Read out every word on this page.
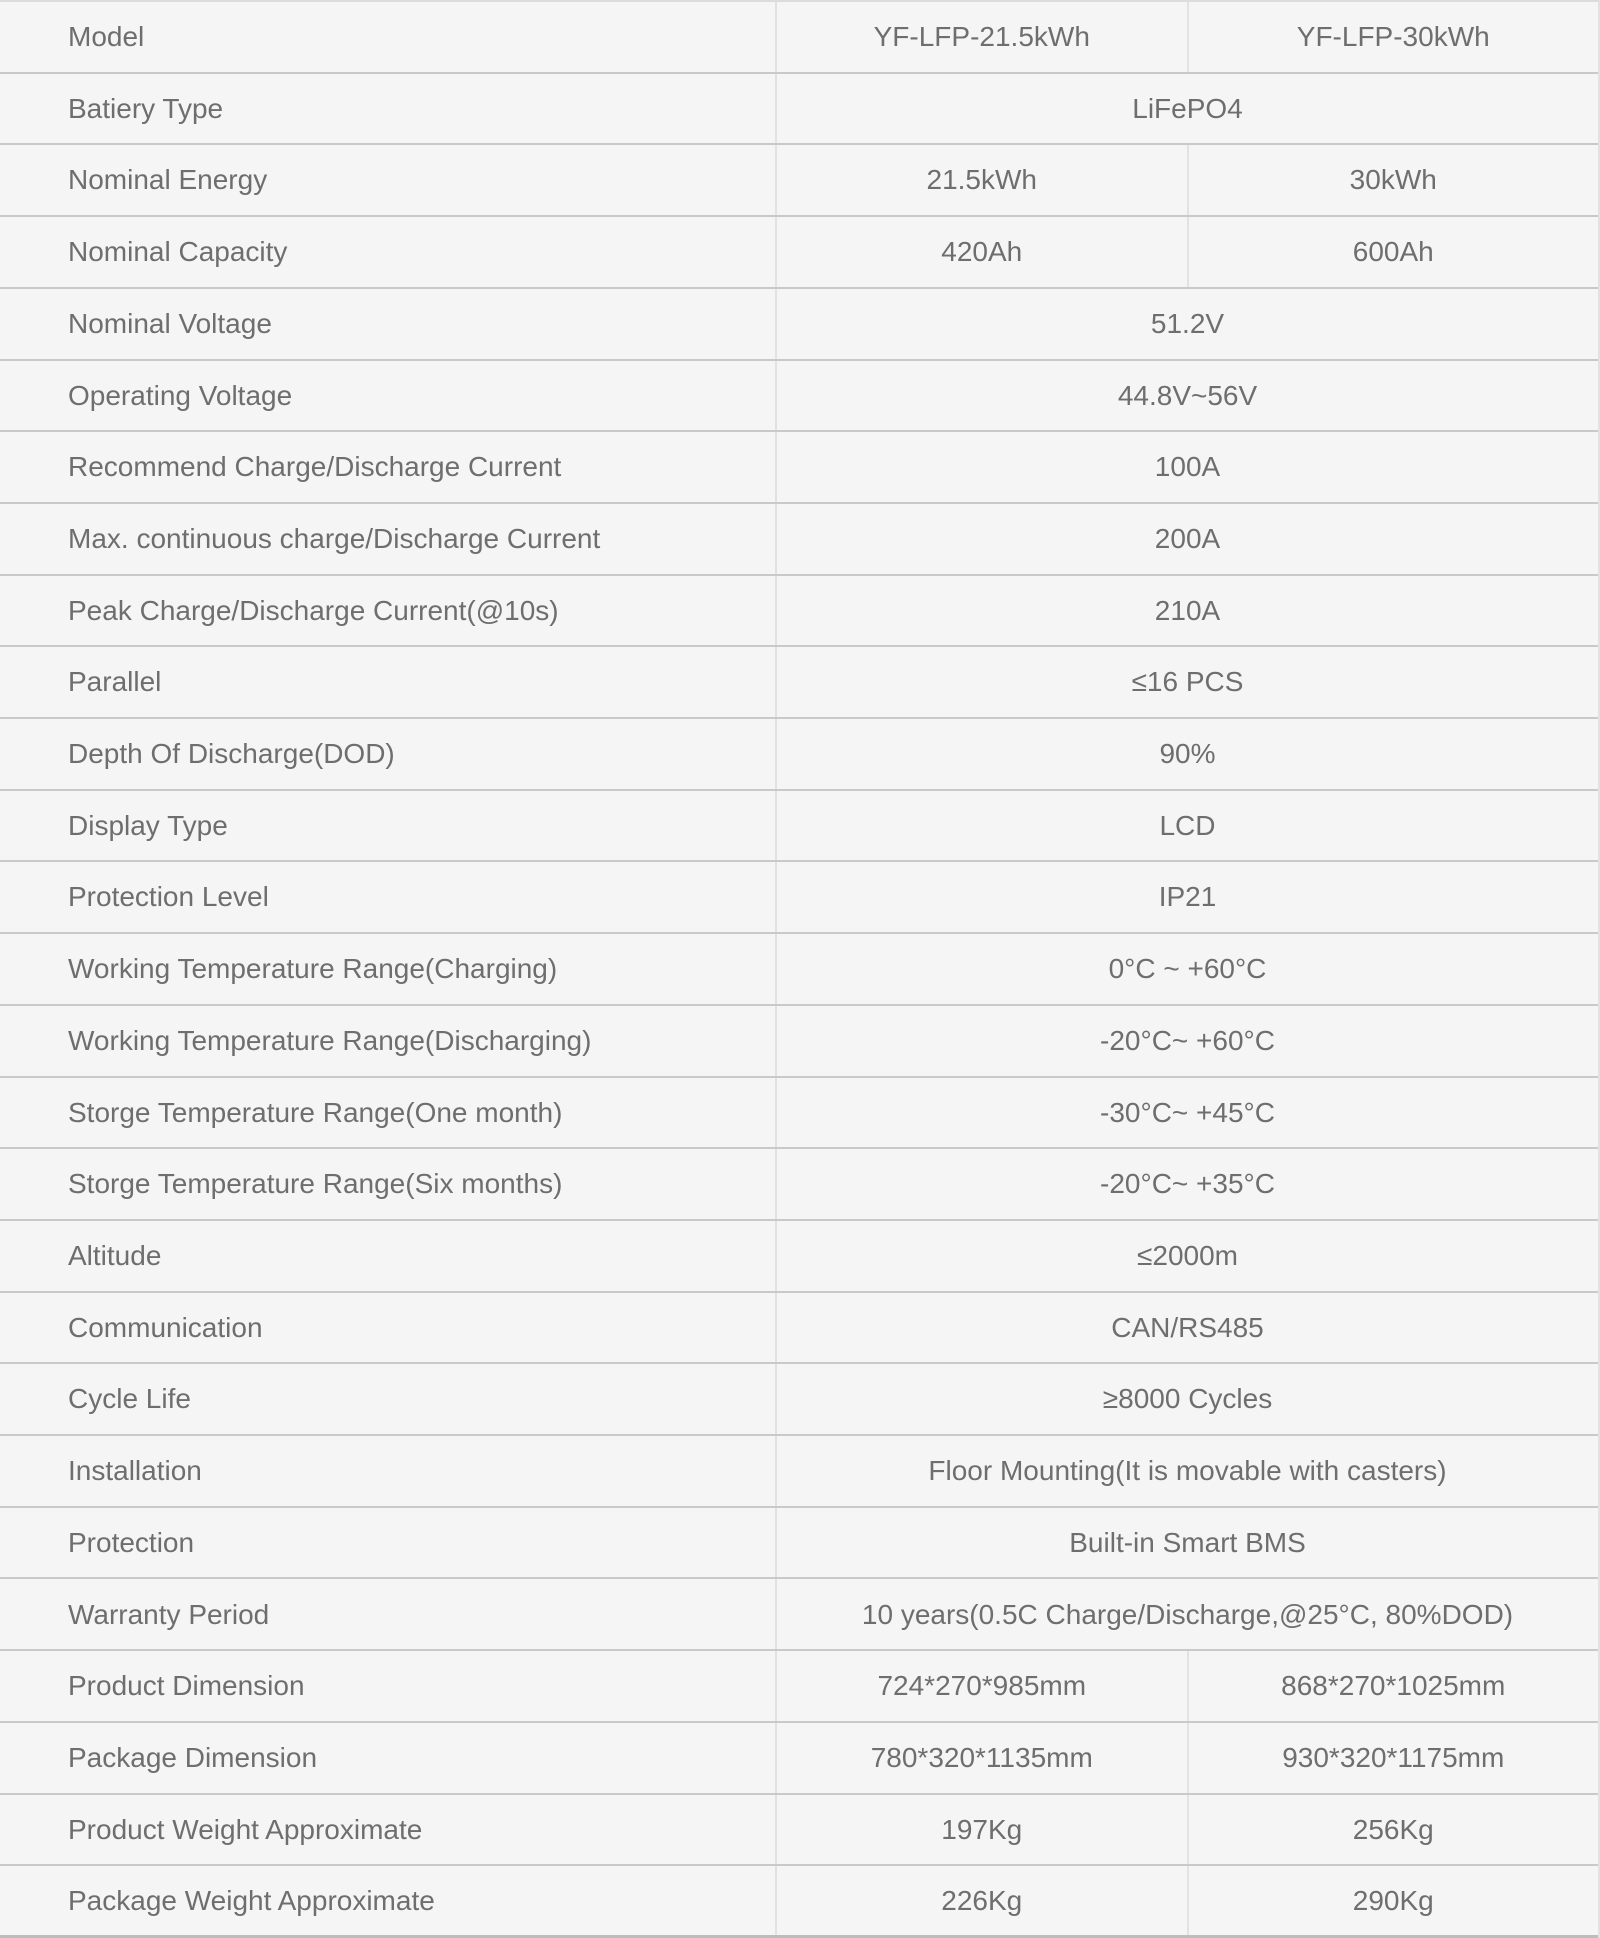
Model	YF-LFP-21.5kWh	YF-LFP-30kWh
Batiery Type	LiFePO4
Nominal Energy	21.5kWh	30kWh
Nominal Capacity	420Ah	600Ah
Nominal Voltage	51.2V
Operating Voltage	44.8V~56V
Recommend Charge/Discharge Current	100A
Max. continuous charge/Discharge Current	200A
Peak Charge/Discharge Current(@10s)	210A
Parallel	≤16 PCS
Depth Of Discharge(DOD)	90%
Display Type	LCD
Protection Level	IP21
Working Temperature Range(Charging)	0°C ~ +60°C
Working Temperature Range(Discharging)	-20°C~ +60°C
Storge Temperature Range(One month)	-30°C~ +45°C
Storge Temperature Range(Six months)	-20°C~ +35°C
Altitude	≤2000m
Communication	CAN/RS485
Cycle Life	≥8000 Cycles
Installation	Floor Mounting(It is movable with casters)
Protection	Built-in Smart BMS
Warranty Period	10 years(0.5C Charge/Discharge,@25°C, 80%DOD)
Product Dimension	724*270*985mm	868*270*1025mm
Package Dimension	780*320*1135mm	930*320*1175mm
Product Weight Approximate	197Kg	256Kg
Package Weight Approximate	226Kg	290Kg
